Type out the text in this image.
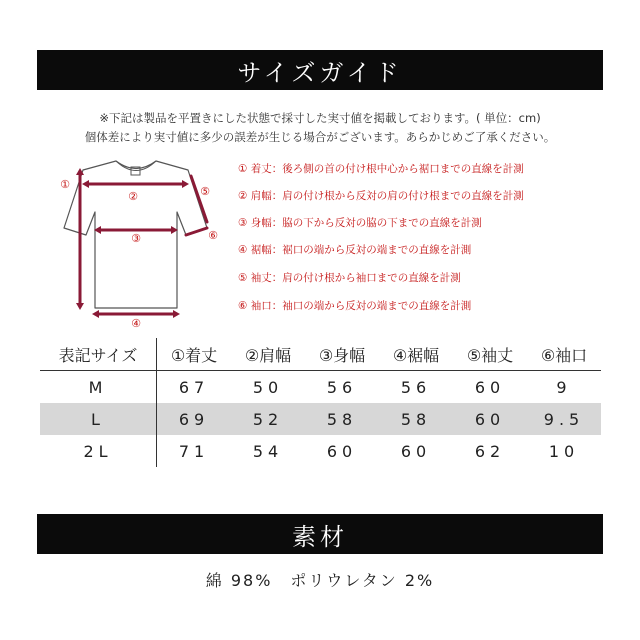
サイズガイド
※下記は製品を平置きにした状態で採寸した実寸値を掲載しております。( 単位：cm)
個体差により実寸値に多少の誤差が生じる場合がございます。あらかじめご了承ください。
①
②
③
④
⑤
⑥
① 着丈：後ろ側の首の付け根中心から裾口までの直線を計測
② 肩幅：肩の付け根から反対の肩の付け根までの直線を計測
③ 身幅：脇の下から反対の脇の下までの直線を計測
④ 裾幅：裾口の端から反対の端までの直線を計測
⑤ 袖丈：肩の付け根から袖口までの直線を計測
⑥ 袖口：袖口の端から反対の端までの直線を計測
表記サイズ	①着丈	②肩幅	③身幅	④裾幅	⑤袖丈	⑥袖口
M	67	50	56	56	60	9
L	69	52	58	58	60	9.5
2L	71	54	60	60	62	10
素材
綿 98%　ポリウレタン 2%
